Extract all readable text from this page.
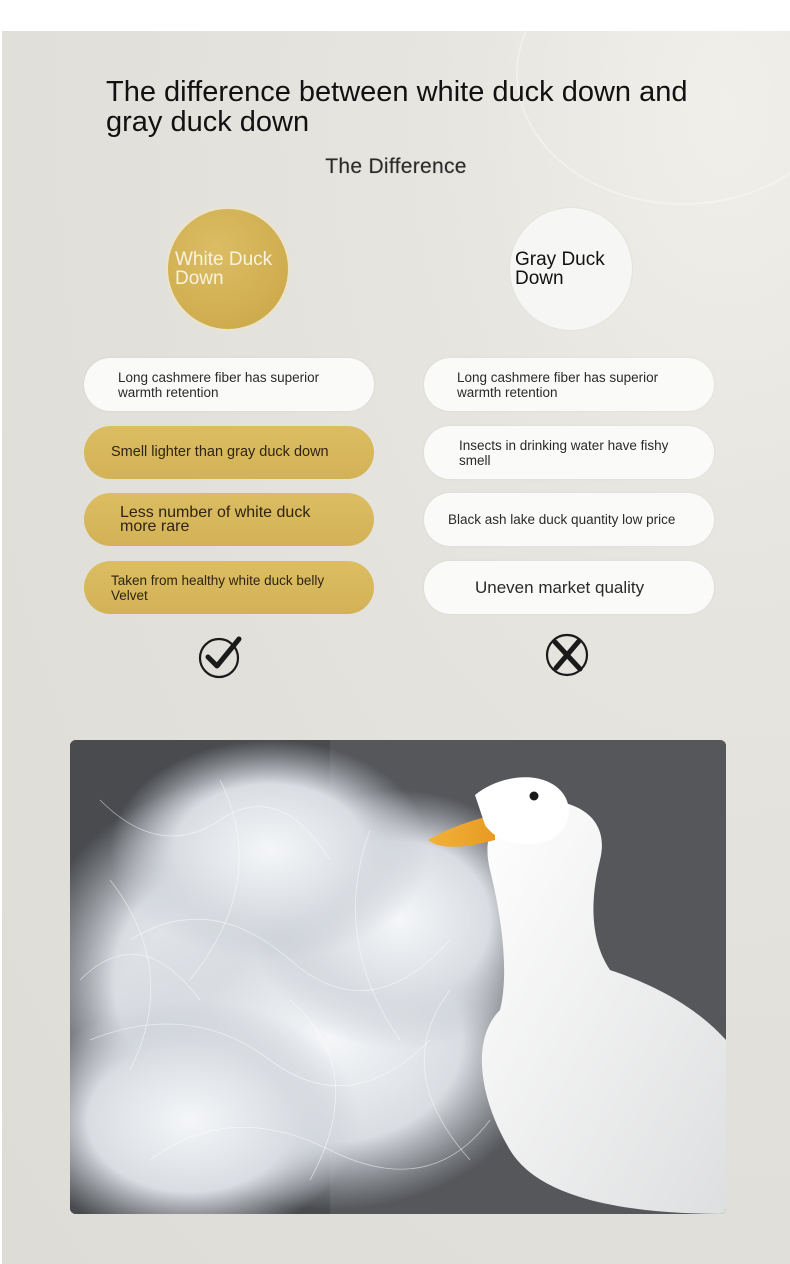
The difference between white duck down and gray duck down
The Difference
White Duck Down
Gray Duck Down
Long cashmere fiber has superior warmth retention
Smell lighter than gray duck down
Less number of white duck more rare
Taken from healthy white duck belly Velvet
Long cashmere fiber has superior warmth retention
Insects in drinking water have fishy smell
Black ash lake duck quantity low price
Uneven market quality
